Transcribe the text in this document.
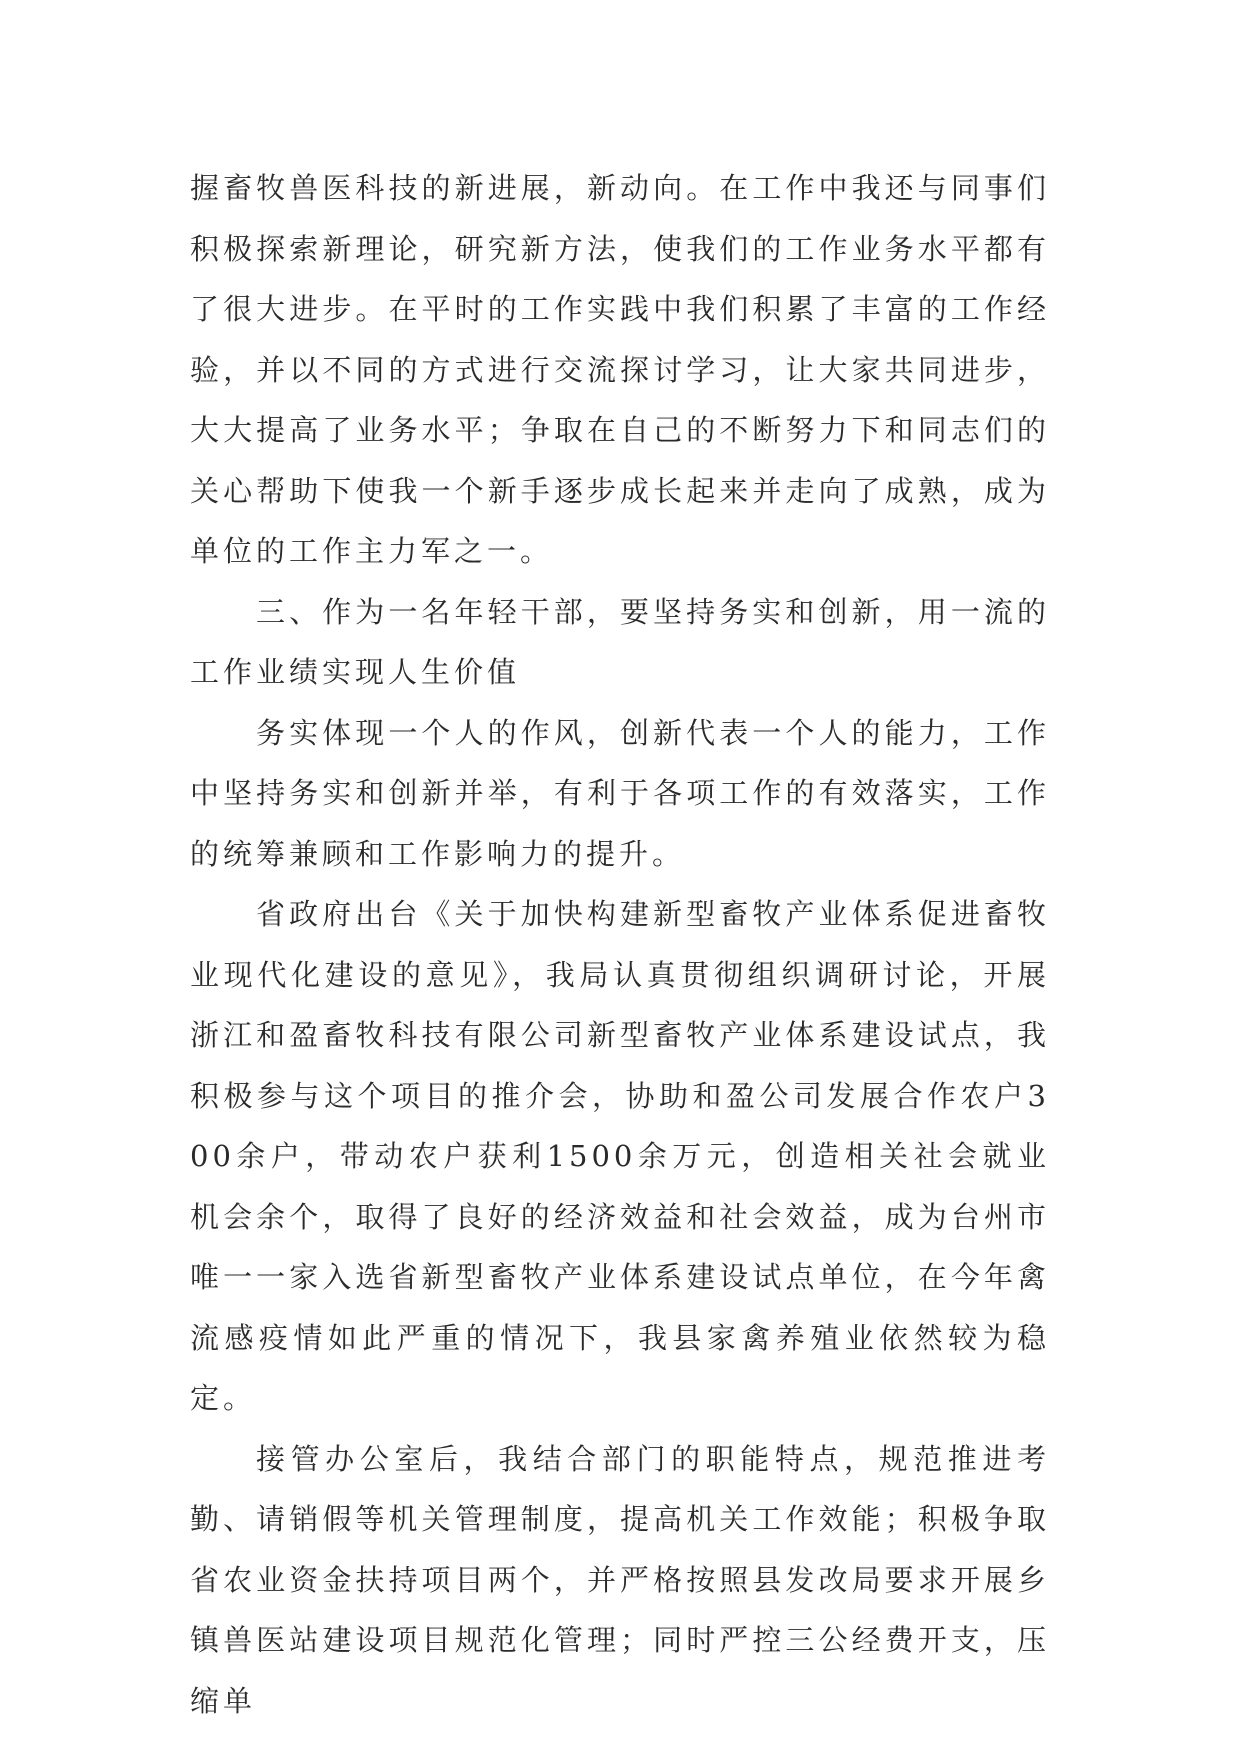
握畜牧兽医科技的新进展，新动向。在工作中我还与同事们积极探索新理论，研究新方法，使我们的工作业务水平都有了很大进步。在平时的工作实践中我们积累了丰富的工作经验，并以不同的方式进行交流探讨学习，让大家共同进步，大大提高了业务水平；争取在自己的不断努力下和同志们的关心帮助下使我一个新手逐步成长起来并走向了成熟，成为单位的工作主力军之一。

三、作为一名年轻干部，要坚持务实和创新，用一流的工作业绩实现人生价值

务实体现一个人的作风，创新代表一个人的能力，工作中坚持务实和创新并举，有利于各项工作的有效落实，工作的统筹兼顾和工作影响力的提升。

省政府出台《关于加快构建新型畜牧产业体系促进畜牧业现代化建设的意见》，我局认真贯彻组织调研讨论，开展浙江和盈畜牧科技有限公司新型畜牧产业体系建设试点，我积极参与这个项目的推介会，协助和盈公司发展合作农户300余户，带动农户获利1500余万元，创造相关社会就业机会余个，取得了良好的经济效益和社会效益，成为台州市唯一一家入选省新型畜牧产业体系建设试点单位，在今年禽流感疫情如此严重的情况下，我县家禽养殖业依然较为稳定。

接管办公室后，我结合部门的职能特点，规范推进考勤、请销假等机关管理制度，提高机关工作效能；积极争取省农业资金扶持项目两个，并严格按照县发改局要求开展乡镇兽医站建设项目规范化管理；同时严控三公经费开支，压缩单
